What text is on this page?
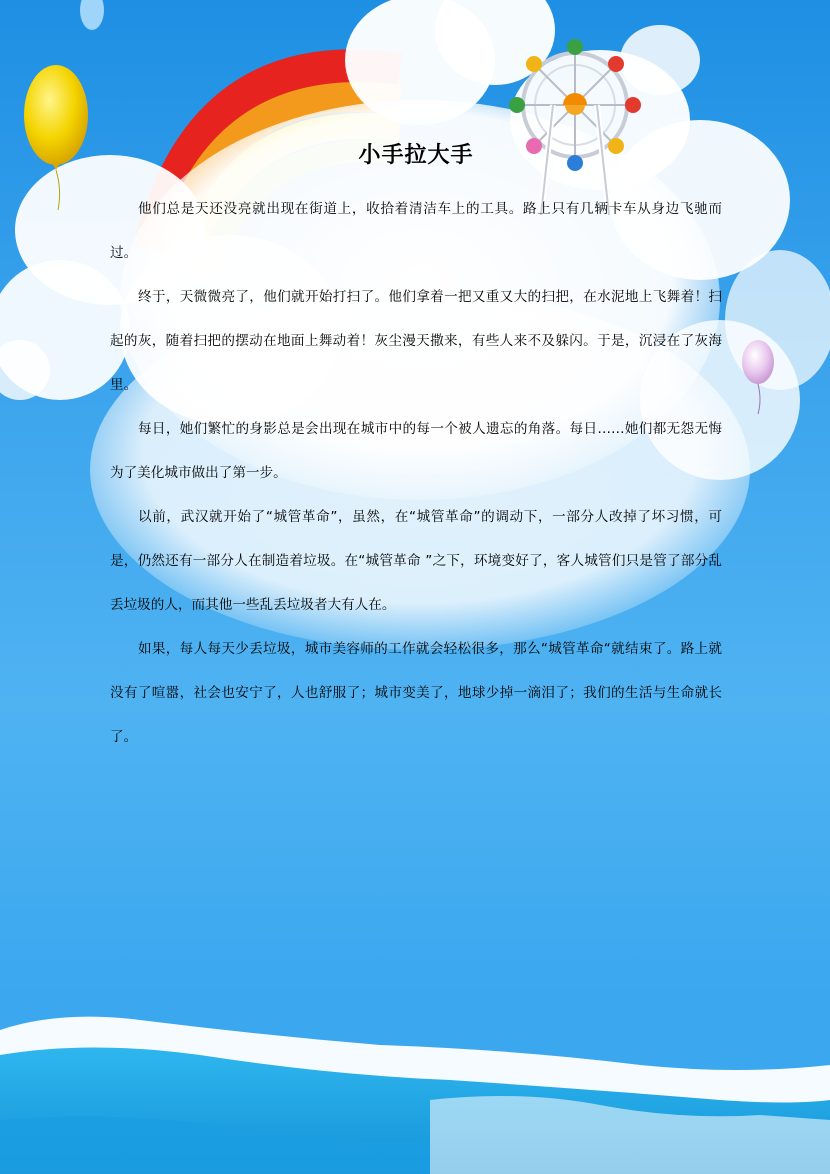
小手拉大手

他们总是天还没亮就出现在街道上，收拾着清洁车上的工具。路上只有几辆卡车从身边飞驰而过。

终于，天微微亮了，他们就开始打扫了。他们拿着一把又重又大的扫把，在水泥地上飞舞着！扫起的灰，随着扫把的摆动在地面上舞动着！灰尘漫天撒来，有些人来不及躲闪。于是，沉浸在了灰海里。

每日，她们繁忙的身影总是会出现在城市中的每一个被人遗忘的角落。每日……她们都无怨无悔为了美化城市做出了第一步。

以前，武汉就开始了“城管革命”，虽然，在“城管革命”的调动下，一部分人改掉了坏习惯，可是，仍然还有一部分人在制造着垃圾。在“城管革命 ”之下，环境变好了，客人城管们只是管了部分乱丢垃圾的人，而其他一些乱丢垃圾者大有人在。

如果，每人每天少丢垃圾，城市美容师的工作就会轻松很多，那么“城管革命“就结束了。路上就没有了喧嚣，社会也安宁了，人也舒服了；城市变美了，地球少掉一滴泪了；我们的生活与生命就长了。
